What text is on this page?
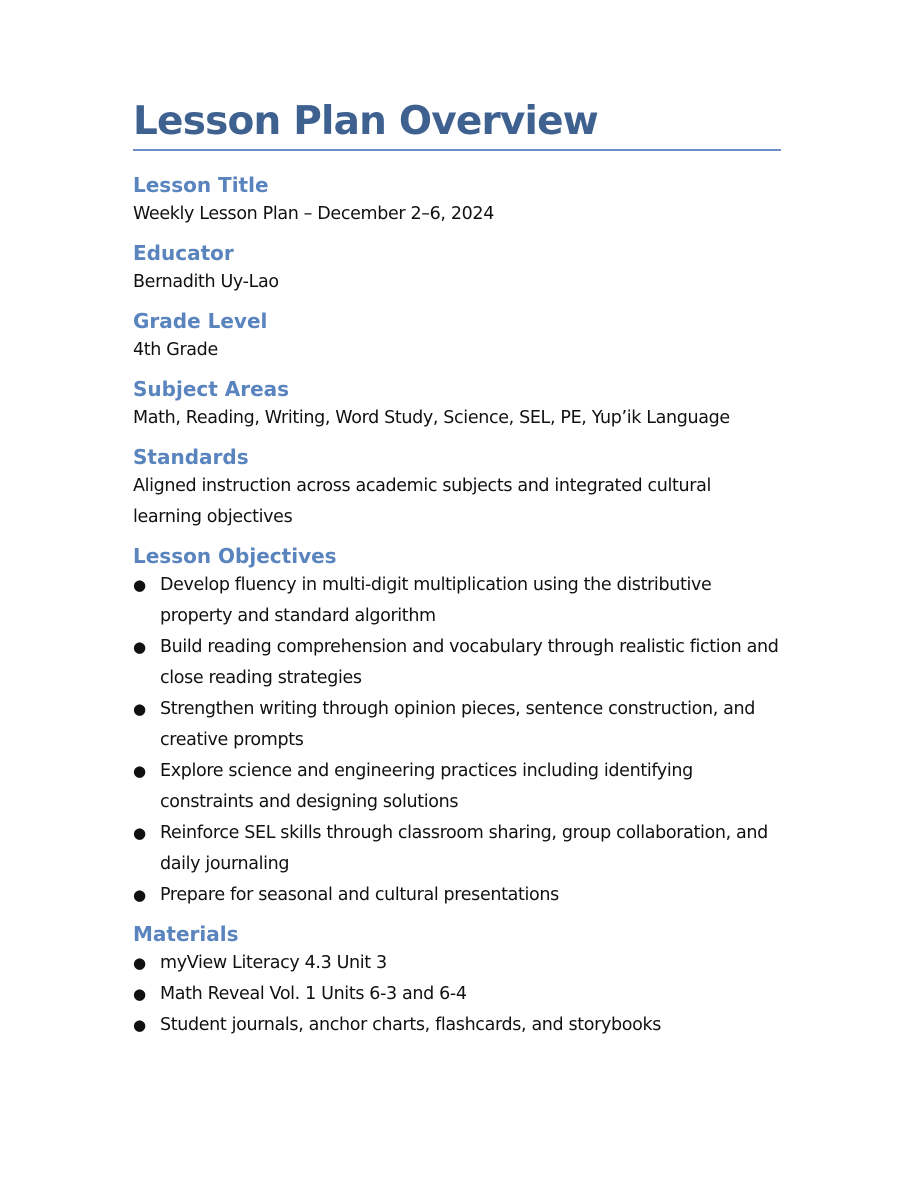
Lesson Plan Overview
Lesson Title

Weekly Lesson Plan – December 2–6, 2024

Educator

Bernadith Uy-Lao

Grade Level

4th Grade

Subject Areas

Math, Reading, Writing, Word Study, Science, SEL, PE, Yup’ik Language

Standards

Aligned instruction across academic subjects and integrated cultural learning objectives

Lesson Objectives
● Develop fluency in multi-digit multiplication using the distributive property and standard algorithm
● Build reading comprehension and vocabulary through realistic fiction and close reading strategies
● Strengthen writing through opinion pieces, sentence construction, and creative prompts
● Explore science and engineering practices including identifying constraints and designing solutions
● Reinforce SEL skills through classroom sharing, group collaboration, and daily journaling
● Prepare for seasonal and cultural presentations
Materials
● myView Literacy 4.3 Unit 3
● Math Reveal Vol. 1 Units 6-3 and 6-4
● Student journals, anchor charts, flashcards, and storybooks
